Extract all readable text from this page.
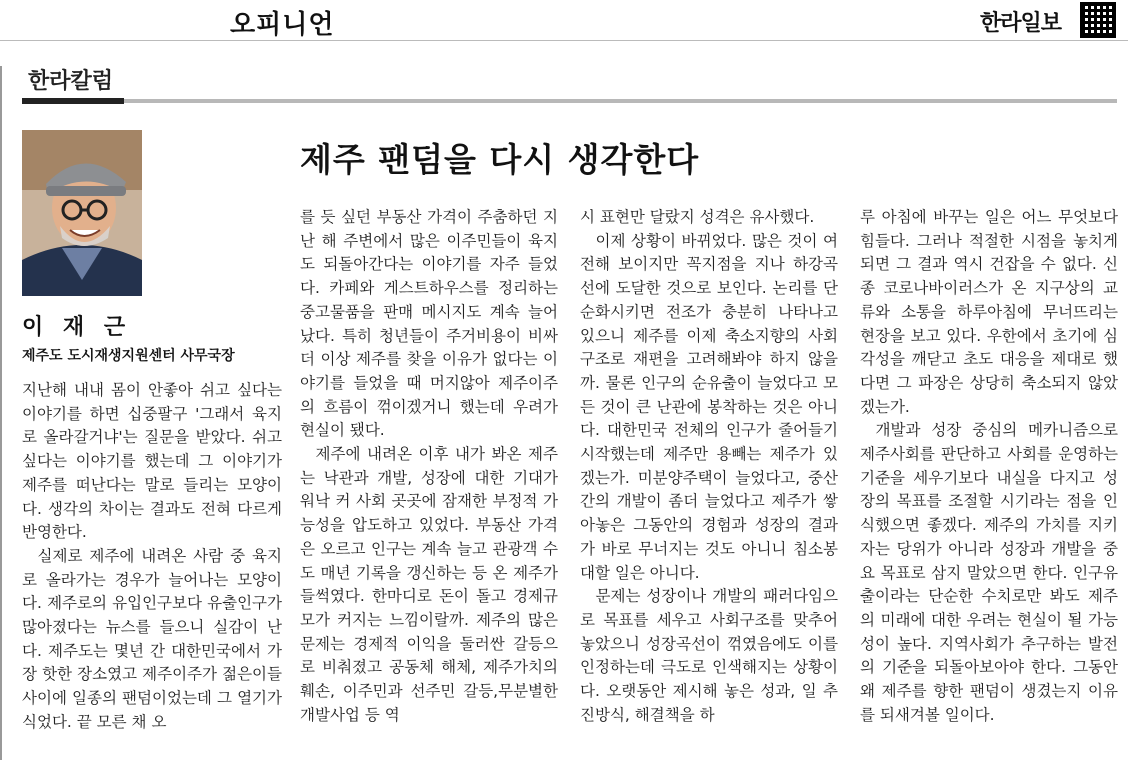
오피니언	한라일보
한라칼럼
이 재 근
제주도 도시재생지원센터 사무국장
제주 팬덤을 다시 생각한다

지난해 내내 몸이 안좋아 쉬고 싶다는 이야기를 하면 십중팔구 '그래서 육지로 올라갈거냐'는 질문을 받았다. 쉬고 싶다는 이야기를 했는데 그 이야기가 제주를 떠난다는 말로 들리는 모양이다. 생각의 차이는 결과도 전혀 다르게 반영한다.

실제로 제주에 내려온 사람 중 육지로 올라가는 경우가 늘어나는 모양이다. 제주로의 유입인구보다 유출인구가 많아졌다는 뉴스를 들으니 실감이 난다. 제주도는 몇년 간 대한민국에서 가장 핫한 장소였고 제주이주가 젊은이들 사이에 일종의 팬덤이었는데 그 열기가 식었다. 끝 모른 채 오

를 듯 싶던 부동산 가격이 주춤하던 지난 해 주변에서 많은 이주민들이 육지도 되돌아간다는 이야기를 자주 들었다. 카페와 게스트하우스를 정리하는 중고물품을 판매 메시지도 계속 늘어났다. 특히 청년들이 주거비용이 비싸 더 이상 제주를 찾을 이유가 없다는 이야기를 들었을 때 머지않아 제주이주의 흐름이 꺾이겠거니 했는데 우려가 현실이 됐다.

제주에 내려온 이후 내가 봐온 제주는 낙관과 개발, 성장에 대한 기대가 워낙 커 사회 곳곳에 잠재한 부정적 가능성을 압도하고 있었다. 부동산 가격은 오르고 인구는 계속 늘고 관광객 수도 매년 기록을 갱신하는 등 온 제주가 들썩였다. 한마디로 돈이 돌고 경제규모가 커지는 느낌이랄까. 제주의 많은 문제는 경제적 이익을 둘러싼 갈등으로 비춰졌고 공동체 해체, 제주가치의 훼손, 이주민과 선주민 갈등,무분별한 개발사업 등 역

시 표현만 달랐지 성격은 유사했다.

이제 상황이 바뀌었다. 많은 것이 여전해 보이지만 꼭지점을 지나 하강곡선에 도달한 것으로 보인다. 논리를 단순화시키면 전조가 충분히 나타나고 있으니 제주를 이제 축소지향의 사회구조로 재편을 고려해봐야 하지 않을까. 물론 인구의 순유출이 늘었다고 모든 것이 큰 난관에 봉착하는 것은 아니다. 대한민국 전체의 인구가 줄어들기 시작했는데 제주만 용빼는 제주가 있겠는가. 미분양주택이 늘었다고, 중산간의 개발이 좀더 늘었다고 제주가 쌓아놓은 그동안의 경험과 성장의 결과가 바로 무너지는 것도 아니니 침소봉대할 일은 아니다.

문제는 성장이나 개발의 패러다임으로 목표를 세우고 사회구조를 맞추어 놓았으니 성장곡선이 꺾였음에도 이를 인정하는데 극도로 인색해지는 상황이다. 오랫동안 제시해 놓은 성과, 일 추진방식, 해결책을 하

루 아침에 바꾸는 일은 어느 무엇보다 힘들다. 그러나 적절한 시점을 놓치게 되면 그 결과 역시 건잡을 수 없다. 신종 코로나바이러스가 온 지구상의 교류와 소통을 하루아침에 무너뜨리는 현장을 보고 있다. 우한에서 초기에 심각성을 깨닫고 초도 대응을 제대로 했다면 그 파장은 상당히 축소되지 않았겠는가.

개발과 성장 중심의 메카니즘으로 제주사회를 판단하고 사회를 운영하는 기준을 세우기보다 내실을 다지고 성장의 목표를 조절할 시기라는 점을 인식했으면 좋겠다. 제주의 가치를 지키자는 당위가 아니라 성장과 개발을 중요 목표로 삼지 말았으면 한다. 인구유출이라는 단순한 수치로만 봐도 제주의 미래에 대한 우려는 현실이 될 가능성이 높다. 지역사회가 추구하는 발전의 기준을 되돌아보아야 한다. 그동안 왜 제주를 향한 팬덤이 생겼는지 이유를 되새겨볼 일이다.
